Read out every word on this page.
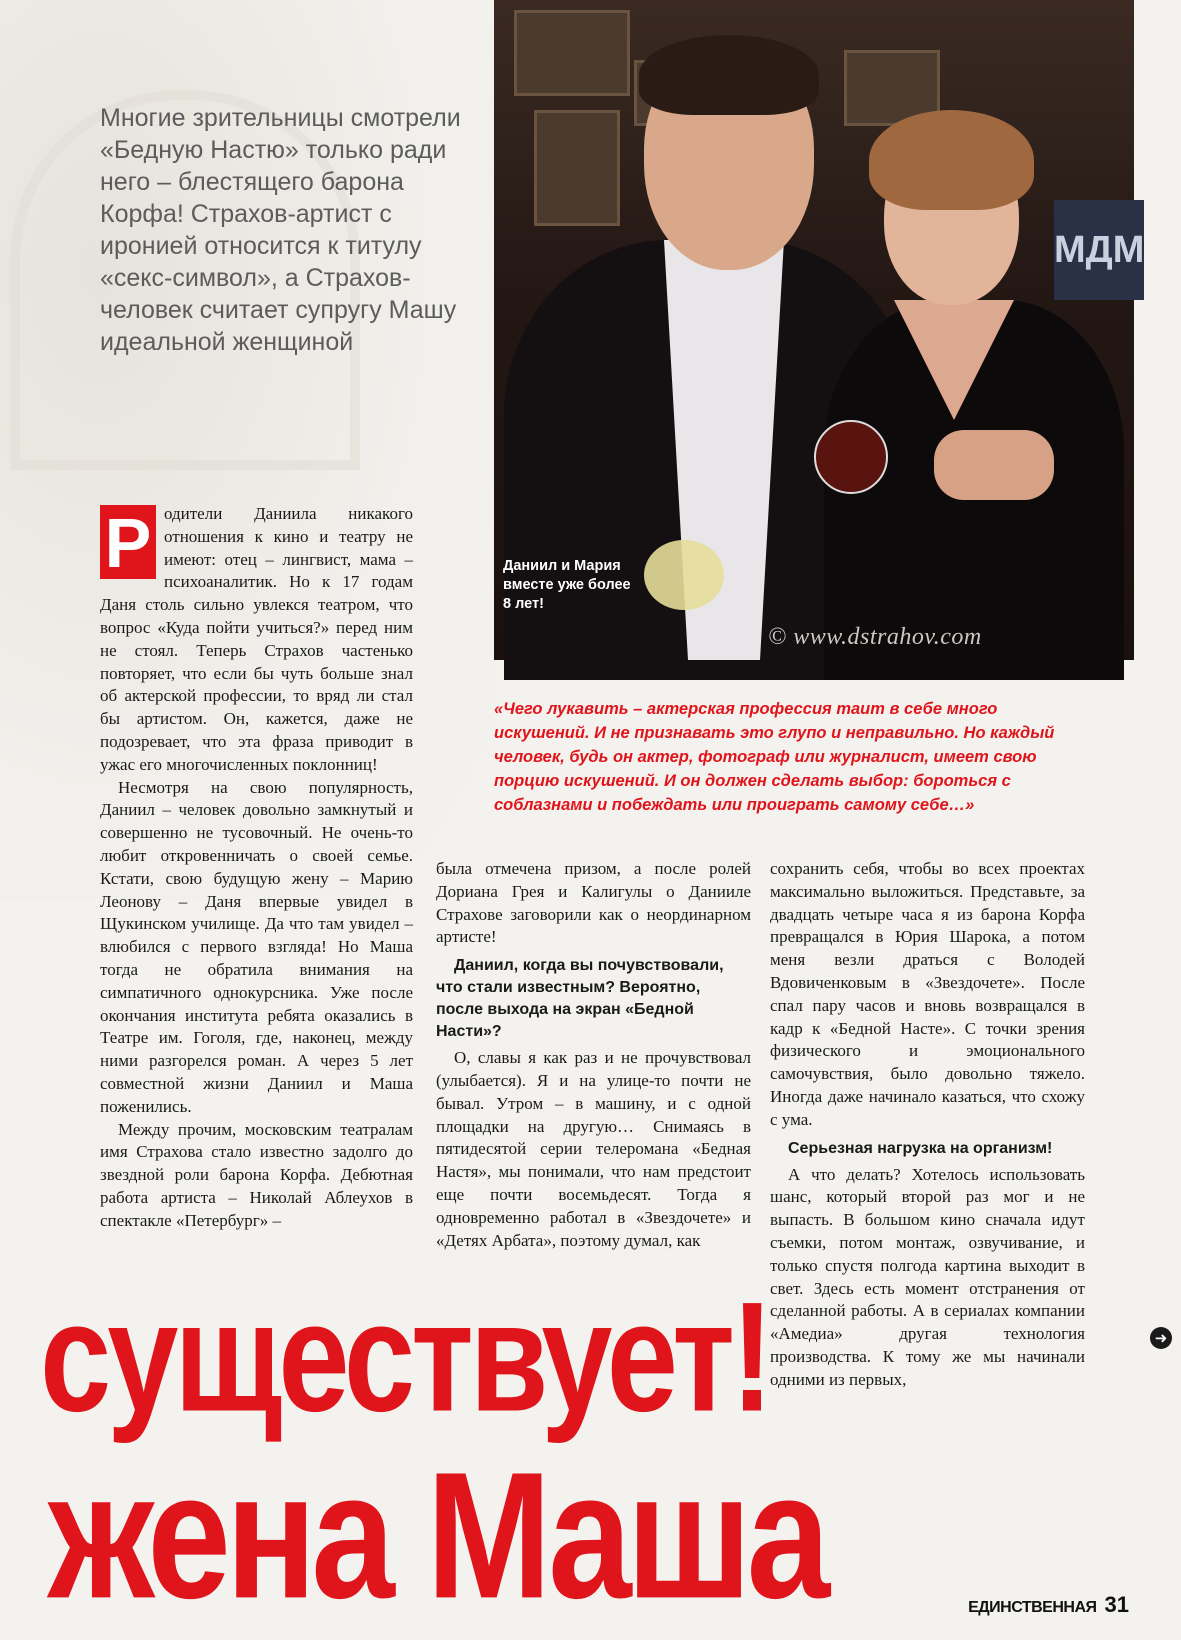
Многие зрительницы смотрели «Бедную Настю» только ради него – блестящего барона Корфа! Страхов-артист с иронией относится к титулу «секс-символ», а Страхов-человек считает супругу Машу идеальной женщиной

МДМ
Даниил и Мария вместе уже более 8 лет!
© www.dstrahov.com

«Чего лукавить – актерская профессия таит в себе много искушений. И не признавать это глупо и неправильно. Но каждый человек, будь он актер, фотограф или журналист, имеет свою порцию искушений. И он должен сделать выбор: бороться с соблазнами и побеждать или проиграть самому себе…»

Р одители Даниила никакого отношения к кино и театру не имеют: отец – лингвист, мама – психоаналитик. Но к 17 годам Даня столь сильно увлекся театром, что вопрос «Куда пойти учиться?» перед ним не стоял. Теперь Страхов частенько повторяет, что если бы чуть больше знал об актерской профессии, то вряд ли стал бы артистом. Он, кажется, даже не подозревает, что эта фраза приводит в ужас его многочисленных поклонниц!

Несмотря на свою популярность, Даниил – человек довольно замкнутый и совершенно не тусовочный. Не очень-то любит откровенничать о своей семье. Кстати, свою будущую жену – Марию Леонову – Даня впервые увидел в Щукинском училище. Да что там увидел – влюбился с первого взгляда! Но Маша тогда не обратила внимания на симпатичного однокурсника. Уже после окончания института ребята оказались в Театре им. Гоголя, где, наконец, между ними разгорелся роман. А через 5 лет совместной жизни Даниил и Маша поженились.

Между прочим, московским театралам имя Страхова стало известно задолго до звездной роли барона Корфа. Дебютная работа артиста – Николай Аблеухов в спектакле «Петербург» –

была отмечена призом, а после ролей Дориана Грея и Калигулы о Данииле Страхове заговорили как о неординарном артисте!

Даниил, когда вы почувствовали, что стали известным? Вероятно, после выхода на экран «Бедной Насти»?

О, славы я как раз и не прочувствовал (улыбается). Я и на улице-то почти не бывал. Утром – в машину, и с одной площадки на другую… Снимаясь в пятидесятой серии телеромана «Бедная Настя», мы понимали, что нам предстоит еще почти восемьдесят. Тогда я одновременно работал в «Звездочете» и «Детях Арбата», поэтому думал, как

сохранить себя, чтобы во всех проектах максимально выложиться. Представьте, за двадцать четыре часа я из барона Корфа превращался в Юрия Шарока, а потом меня везли драться с Володей Вдовиченковым в «Звездочете». После спал пару часов и вновь возвращался в кадр к «Бедной Насте». С точки зрения физического и эмоционального самочувствия, было довольно тяжело. Иногда даже начинало казаться, что схожу с ума.

Серьезная нагрузка на организм!

А что делать? Хотелось использовать шанс, который второй раз мог и не выпасть. В большом кино сначала идут съемки, потом монтаж, озвучивание, и только спустя полгода картина выходит в свет. Здесь есть момент отстранения от сделанной работы. А в сериалах компании «Амедиа» другая технология производства. К тому же мы начинали одними из первых,

➜
существует!
жена Маша	ЕДИНСТВЕННАЯ 31
